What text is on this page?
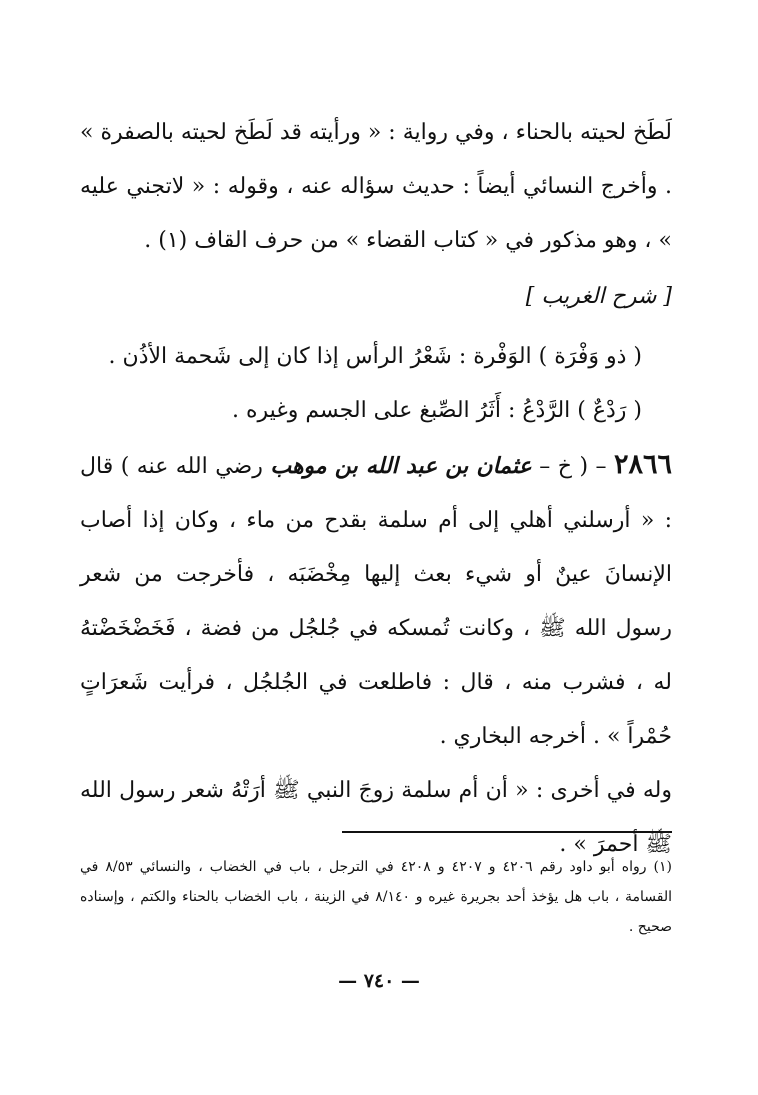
لَطَخ لحيته بالحناء ، وفي رواية : « ورأيته قد لَطَخ لحيته بالصفرة » . وأخرج النسائي أيضاً : حديث سؤاله عنه ، وقوله : « لاتجني عليه » ، وهو مذكور في « كتاب القضاء » من حرف القاف (١) .

[ شرح الغريب ]

( ذو وَفْرَة ) الوَفْرة : شَعْرُ الرأس إذا كان إلى شَحمة الأذُن .

( رَدْعٌ ) الرَّدْعُ : أَثَرُ الصِّبغ على الجسم وغيره .

٢٨٦٦ – ( خ – عثمان بن عبد الله بن موهب رضي الله عنه ) قال : « أرسلني أهلي إلى أم سلمة بقدح من ماء ، وكان إذا أصاب الإنسانَ عينٌ أو شيء بعث إليها مِخْضَبَه ، فأخرجت من شعر رسول الله ﷺ ، وكانت تُمسكه في جُلجُل من فضة ، فَخَضْخَضْتهُ له ، فشرب منه ، قال : فاطلعت في الجُلجُل ، فرأيت شَعرَاتٍ حُمْراً » . أخرجه البخاري .

وله في أخرى : « أن أم سلمة زوجَ النبي ﷺ أرَتْهُ شعر رسول الله ﷺ أحمرَ » .

(١) رواه أبو داود رقم ٤٢٠٦ و ٤٢٠٧ و ٤٢٠٨ في الترجل ، باب في الخضاب ، والنسائي ٨/٥٣ في القسامة ، باب هل يؤخذ أحد بجريرة غيره و ٨/١٤٠ في الزينة ، باب الخضاب بالحناء والكتم ، وإسناده صحيح .

— ٧٤٠ —
